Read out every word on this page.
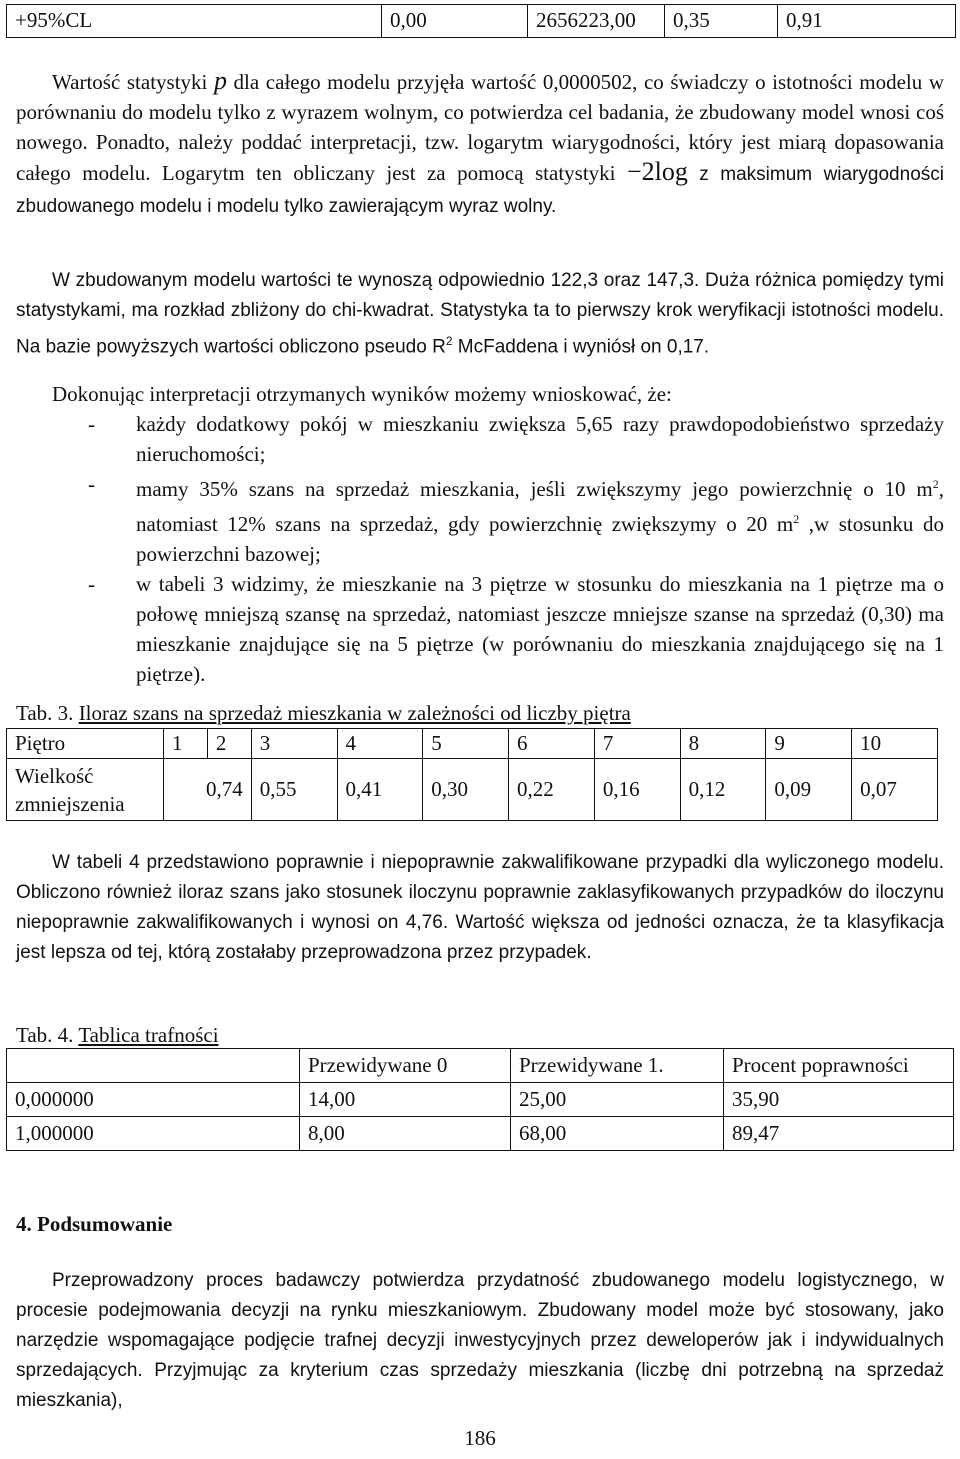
+95%CL	0,00	2656223,00	0,35	0,91

Wartość statystyki p dla całego modelu przyjęła wartość 0,0000502, co świadczy o istotności modelu w porównaniu do modelu tylko z wyrazem wolnym, co potwierdza cel badania, że zbudowany model wnosi coś nowego. Ponadto, należy poddać interpretacji, tzw. logarytm wiarygodności, który jest miarą dopasowania całego modelu. Logarytm ten obliczany jest za pomocą statystyki −2log z maksimum wiarygodności zbudowanego modelu i modelu tylko zawierającym wyraz wolny.

W zbudowanym modelu wartości te wynoszą odpowiednio 122,3 oraz 147,3. Duża różnica pomiędzy tymi statystykami, ma rozkład zbliżony do chi-kwadrat. Statystyka ta to pierwszy krok weryfikacji istotności modelu. Na bazie powyższych wartości obliczono pseudo $R^2$ McFaddena i wyniósł on 0,17.

Dokonując interpretacji otrzymanych wyników możemy wnioskować, że:

- każdy dodatkowy pokój w mieszkaniu zwiększa 5,65 razy prawdopodobieństwo sprzedaży nieruchomości;
- mamy 35% szans na sprzedaż mieszkania, jeśli zwiększymy jego powierzchnię o 10 $m^2$, natomiast 12% szans na sprzedaż, gdy powierzchnię zwiększymy o 20 $m^2$ ,w stosunku do powierzchni bazowej;
- w tabeli 3 widzimy, że mieszkanie na 3 piętrze w stosunku do mieszkania na 1 piętrze ma o połowę mniejszą szansę na sprzedaż, natomiast jeszcze mniejsze szanse na sprzedaż (0,30) ma mieszkanie znajdujące się na 5 piętrze (w porównaniu do mieszkania znajdującego się na 1 piętrze).

Tab. 3. Iloraz szans na sprzedaż mieszkania w zależności od liczby piętra

Piętro	1	2	3	4	5	6	7	8	9	10
Wielkość
zmniejszenia	0,74		0,55	0,41	0,30	0,22	0,16	0,12	0,09	0,07

W tabeli 4 przedstawiono poprawnie i niepoprawnie zakwalifikowane przypadki dla wyliczonego modelu. Obliczono również iloraz szans jako stosunek iloczynu poprawnie zaklasyfikowanych przypadków do iloczynu niepoprawnie zakwalifikowanych i wynosi on 4,76. Wartość większa od jedności oznacza, że ta klasyfikacja jest lepsza od tej, którą zostałaby przeprowadzona przez przypadek.

Tab. 4. Tablica trafności

	Przewidywane 0	Przewidywane 1.	Procent poprawności
0,000000	14,00	25,00	35,90
1,000000	8,00	68,00	89,47

4. Podsumowanie

Przeprowadzony proces badawczy potwierdza przydatność zbudowanego modelu logistycznego, w procesie podejmowania decyzji na rynku mieszkaniowym. Zbudowany model może być stosowany, jako narzędzie wspomagające podjęcie trafnej decyzji inwestycyjnych przez deweloperów jak i indywidualnych sprzedających. Przyjmując za kryterium czas sprzedaży mieszkania (liczbę dni potrzebną na sprzedaż mieszkania),

186
